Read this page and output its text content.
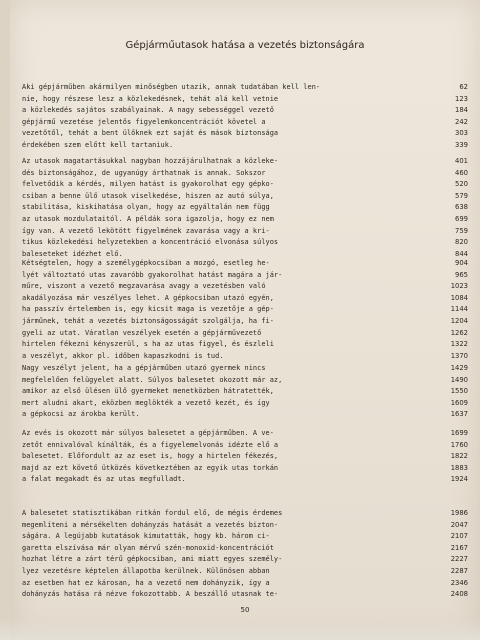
Gépjárműutasok hatása a vezetés biztonságára
Aki gépjárműben akármilyen minőségben utazik, annak tudatában kell len-	62
nie, hogy részese lesz a közlekedésnek, tehát alá kell vetnie	123
a közlekedés sajátos szabályainak. A nagy sebességgel vezető	184
gépjármű vezetése jelentős figyelemkoncentrációt követel a	242
vezetőtől, tehát a bent ülőknek ezt saját és mások biztonsága	303
érdekében szem előtt kell tartaniuk.	339
Az utasok magatartásukkal nagyban hozzájárulhatnak a közleke-	401
dés biztonságához, de ugyanúgy árthatnak is annak. Sokszor	460
felvetődik a kérdés, milyen hatást is gyakorolhat egy gépko-	520
csiban a benne ülő utasok viselkedése, hiszen az autó súlya,	579
stabilitása, kiskihatása olyan, hogy az egyáltalán nem függ	638
az utasok mozdulataitól. A példák sora igazolja, hogy ez nem	699
így van. A vezető lekötött figyelmének zavarása vagy a kri-	759
tikus közlekedési helyzetekben a koncentráció elvonása súlyos	820
baleseteket idézhet elő.	844
Kétségtelen, hogy a személygépkocsiban a mozgó, esetleg he-	904
lyét változtató utas zavaróbb gyakorolhat hatást magára a jár-	965
műre, viszont a vezető megzavarása avagy a vezetésben való	1023
akadályozása már veszélyes lehet. A gépkocsiban utazó egyén,	1084
ha passzív értelemben is, egy kicsit maga is vezetője a gép-	1144
járműnek, tehát a vezetés biztonságosságát szolgálja, ha fi-	1204
gyeli az utat. Váratlan veszélyek esetén a gépjárművezető	1262
hirtelen fékezni kényszerül, s ha az utas figyel, és észleli	1322
a veszélyt, akkor pl. időben kapaszkodni is tud.	1370
Nagy veszélyt jelent, ha a gépjárműben utazó gyermek nincs	1429
megfelelően felügyelet alatt. Súlyos balesetet okozott már az,	1490
amikor az első ülésen ülő gyermeket menetközben hátratették,	1550
mert aludni akart, eközben meglökték a vezető kezét, és így	1609
a gépkocsi az árokba került.	1637
Az evés is okozott már súlyos balesetet a gépjárműben. A ve-	1699
zetőt ennivalóval kínálták, és a figyelemelvonás idézte elő a	1760
balesetet. Előfordult az az eset is, hogy a hirtelen fékezés,	1822
majd az ezt követő ütközés következtében az egyik utas torkán	1883
a falat megakadt és az utas megfulladt.	1924
A balesetet statisztikában ritkán fordul elő, de mégis érdemes	1986
megemlíteni a mérsékelten dohányzás hatását a vezetés bizton-	2047
ságára. A legújabb kutatások kimutatták, hogy kb. három ci-	2107
garetta elszívása már olyan mérvű szén-monoxid-koncentrációt	2167
hozhat létre a zárt térű gépkocsiban, ami miatt egyes személy-	2227
lyez vezetésre képtelen állapotba kerülnek. Különösen abban	2287
az esetben hat ez károsan, ha a vezető nem dohányzik, így a	2346
dohányzás hatása rá nézve fokozottabb. A beszállő utasnak te-	2408
50
